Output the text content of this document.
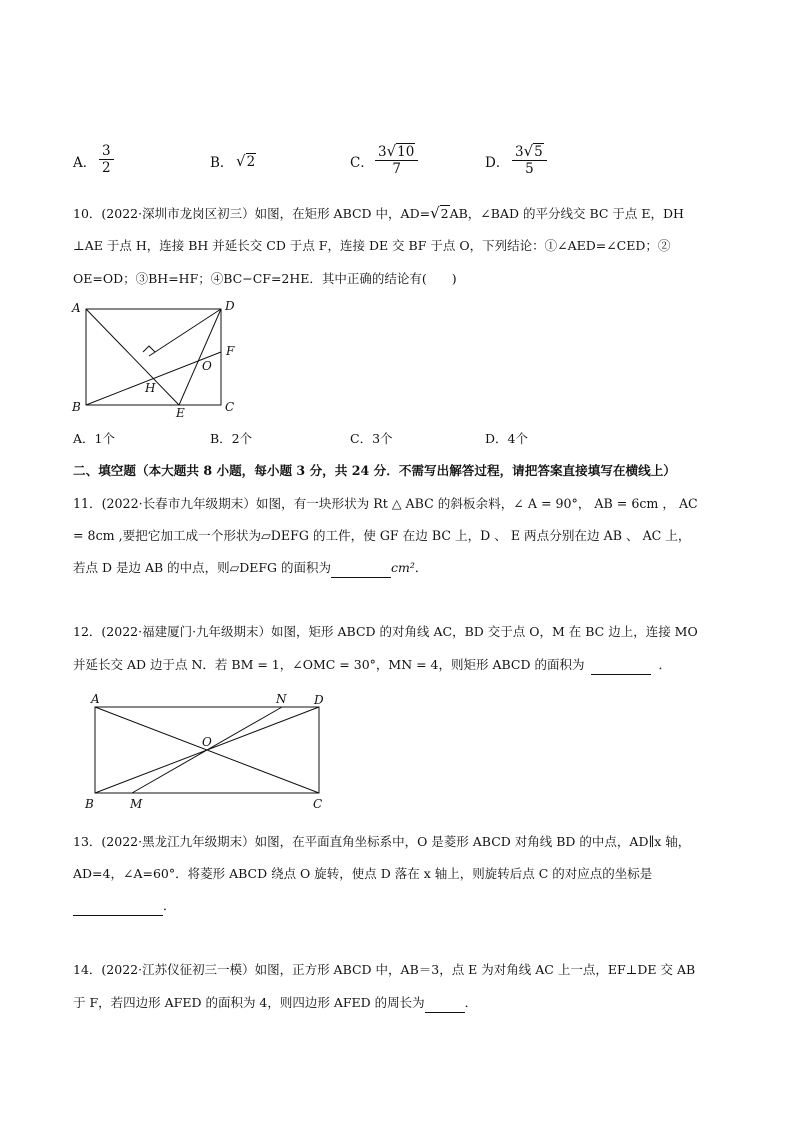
A． $\frac{3}{2}$	B． √2	C． $\frac{3√10}{7}$	D． $\frac{3√5}{5}$
10．(2022·深圳市龙岗区初三）如图，在矩形 ABCD 中，AD=√2AB，∠BAD 的平分线交 BC 于点 E，DH
⊥AE 于点 H，连接 BH 并延长交 CD 于点 F，连接 DE 交 BF 于点 O，下列结论：①∠AED=∠CED；②
OE=OD；③BH=HF；④BC−CF=2HE．其中正确的结论有(　　)
A	D
B	C
E
F
H
O
A．1个	B．2个	C．3个	D．4个
二、填空题（本大题共 8 小题，每小题 3 分，共 24 分．不需写出解答过程，请把答案直接填写在横线上）
11．(2022·长春市九年级期末）如图，有一块形状为 Rt △ ABC 的斜板余料，∠ A = 90°， AB = 6cm ， AC
= 8cm ,要把它加工成一个形状为▱DEFG 的工件，使 GF 在边 BC 上，D 、 E 两点分别在边 AB 、 AC 上，
若点 D 是边 AB 的中点，则▱DEFG 的面积为	cm²．
12．(2022·福建厦门·九年级期末）如图，矩形 ABCD 的对角线 AC，BD 交于点 O，M 在 BC 边上，连接 MO
并延长交 AD 边于点 N．若 BM = 1，∠OMC = 30°，MN = 4，则矩形 ABCD 的面积为	．
A	D
N
O
B	M	C
13．(2022·黑龙江九年级期末）如图，在平面直角坐标系中，O 是菱形 ABCD 对角线 BD 的中点，AD∥x 轴，
AD=4，∠A=60°．将菱形 ABCD 绕点 O 旋转，使点 D 落在 x 轴上，则旋转后点 C 的对应点的坐标是
．
14．(2022·江苏仪征初三一模）如图，正方形 ABCD 中，AB＝3，点 E 为对角线 AC 上一点，EF⊥DE 交 AB
于 F，若四边形 AFED 的面积为 4，则四边形 AFED 的周长为	．
